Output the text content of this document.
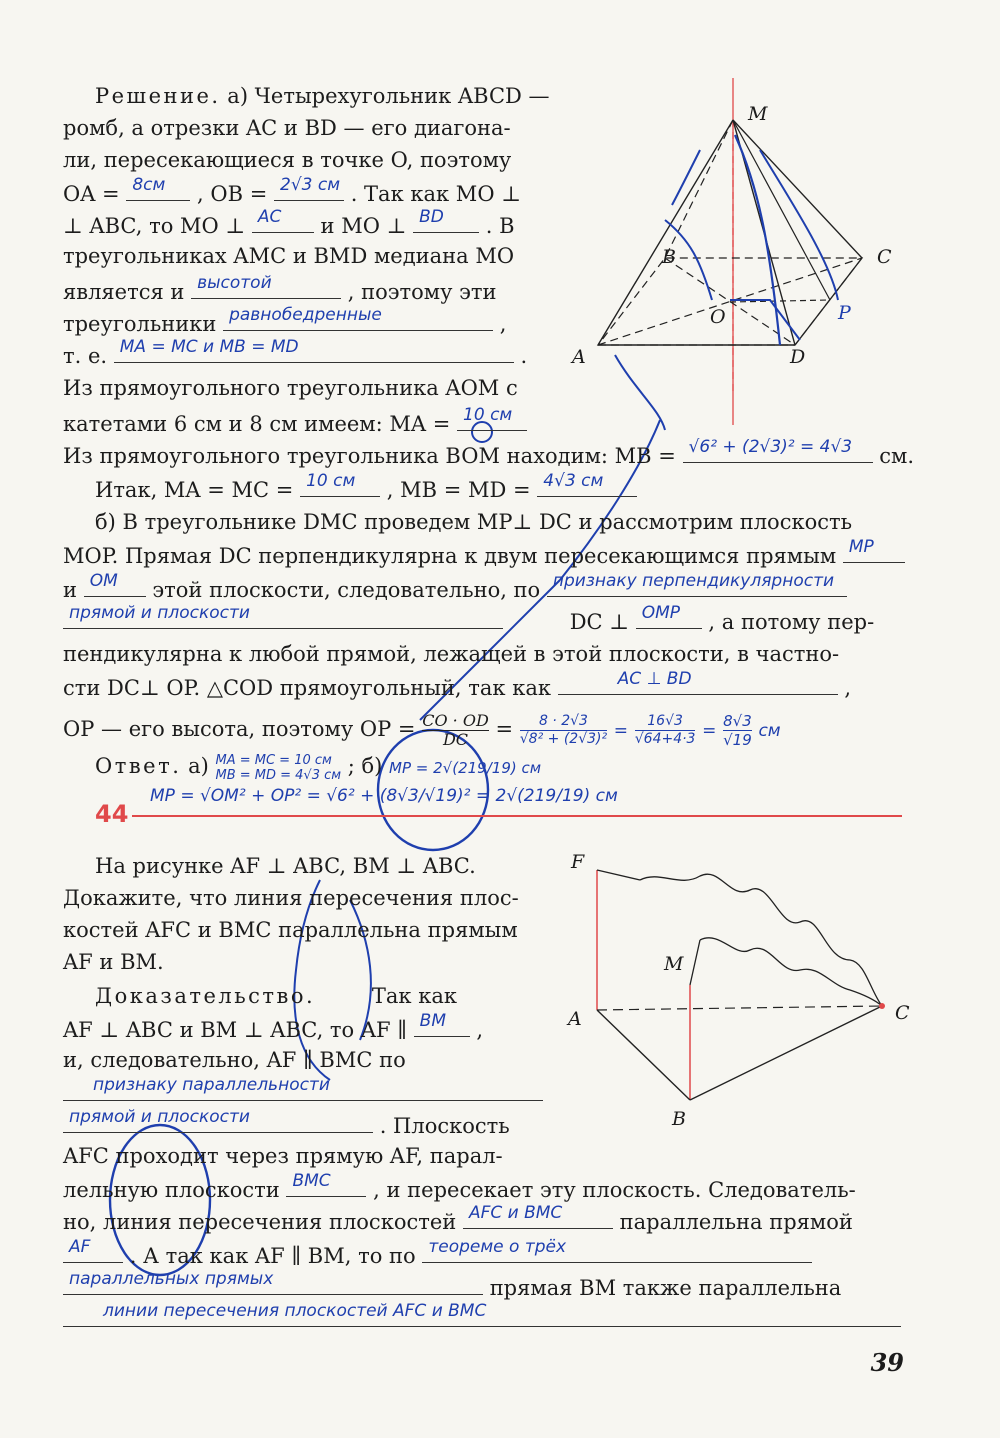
M
B	C
O	P
A	D
Решение. а) Четырехугольник ABCD —
ромб, а отрезки AC и BD — его диагона-
ли, пересекающиеся в точке O, поэтому
OA = 8см , OB = 2√3 см . Так как MO ⊥
⊥ ABC, то MO ⊥ AC и MO ⊥ BD . В
треугольниках AMC и BMD медиана MO
является и высотой	, поэтому эти
треугольники равнобедренные	,
т. е. MA = MC и MB = MD	.
Из прямоугольного треугольника AOM с
катетами 6 см и 8 см имеем: MA = 10 см
Из прямоугольного треугольника BOM находим: MB = √6² + (2√3)² = 4√3 см.
Итак, MA = MC = 10 см , MB = MD = 4√3 см
б) В треугольнике DMC проведем MP⊥ DC и рассмотрим плоскость
MOP. Прямая DC перпендикулярна к двум пересекающимся прямым MP
и OM этой плоскости, следовательно, по признаку перпендикулярности
прямой и плоскости	DC ⊥ OMP , а потому пер-
пендикулярна к любой прямой, лежащей в этой плоскости, в частно-
сти DC⊥ OP. △COD прямоугольный, так как	AC ⊥ BD	,
OP — его высота, поэтому OP = $\frac{CO \cdot OD}{DC} = \frac{8 \cdot 2√3}{\text{√8² + (2√3)²}} = \frac{16√3}{√64+4\cdot 3} = \frac{8√3}{√19}$ см
Ответ. а) MA = MC = 10 см
MB = MD = 4√3 см ; б) MP = 2√(219/19) см
MP = √OM² + OP² = √6² + (8√3/√19)² = 2√(219/19) см
44
F
M
A	C
B
На рисунке AF ⊥ ABC, BM ⊥ ABC.
Докажите, что линия пересечения плос-
костей AFC и BMC параллельна прямым
AF и BM.
Доказательство.	Так как
AF ⊥ ABC и BM ⊥ ABC, то AF ∥ BM ,
и, следовательно, AF ∥ BMC по
признаку параллельности
прямой и плоскости	. Плоскость
AFC проходит через прямую AF, парал-
лельную плоскости BMC , и пересекает эту плоскость. Следователь-
но, линия пересечения плоскостей AFC и BMC	параллельна прямой
AF . А так как AF ∥ BM, то по теореме о трёх
параллельных прямых	прямая BM также параллельна
линии пересечения плоскостей AFC и BMC
39
